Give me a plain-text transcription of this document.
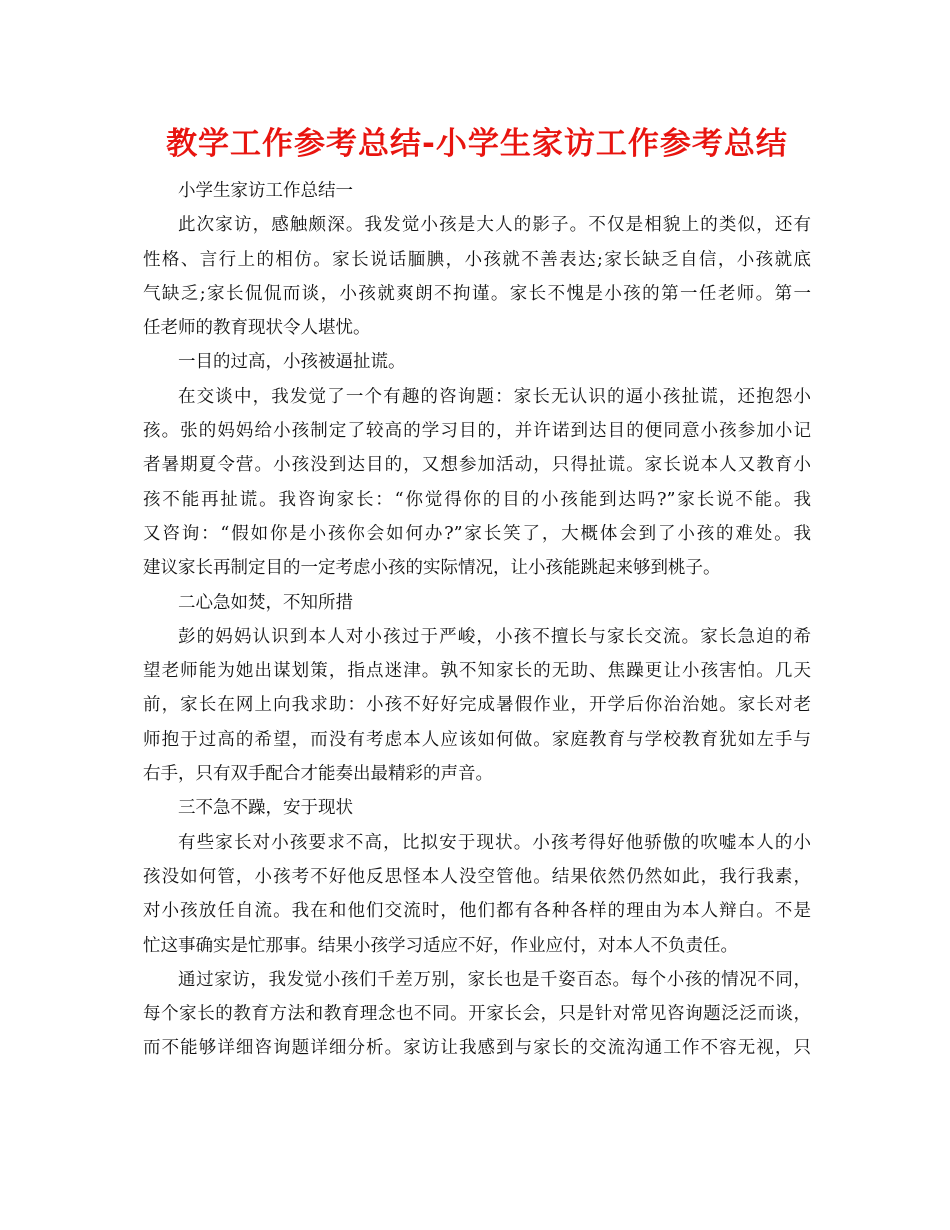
教学工作参考总结-小学生家访工作参考总结
小学生家访工作总结一
此次家访，感触颇深。我发觉小孩是大人的影子。不仅是相貌上的类似，还有
性格、言行上的相仿。家长说话腼腆，小孩就不善表达;家长缺乏自信，小孩就底
气缺乏;家长侃侃而谈，小孩就爽朗不拘谨。家长不愧是小孩的第一任老师。第一
任老师的教育现状令人堪忧。
一目的过高，小孩被逼扯谎。
在交谈中，我发觉了一个有趣的咨询题：家长无认识的逼小孩扯谎，还抱怨小
孩。张的妈妈给小孩制定了较高的学习目的，并许诺到达目的便同意小孩参加小记
者暑期夏令营。小孩没到达目的，又想参加活动，只得扯谎。家长说本人又教育小
孩不能再扯谎。我咨询家长：“你觉得你的目的小孩能到达吗?”家长说不能。我
又咨询：“假如你是小孩你会如何办?”家长笑了，大概体会到了小孩的难处。我
建议家长再制定目的一定考虑小孩的实际情况，让小孩能跳起来够到桃子。
二心急如焚，不知所措
彭的妈妈认识到本人对小孩过于严峻，小孩不擅长与家长交流。家长急迫的希
望老师能为她出谋划策，指点迷津。孰不知家长的无助、焦躁更让小孩害怕。几天
前，家长在网上向我求助：小孩不好好完成暑假作业，开学后你治治她。家长对老
师抱于过高的希望，而没有考虑本人应该如何做。家庭教育与学校教育犹如左手与
右手，只有双手配合才能奏出最精彩的声音。
三不急不躁，安于现状
有些家长对小孩要求不高，比拟安于现状。小孩考得好他骄傲的吹嘘本人的小
孩没如何管，小孩考不好他反思怪本人没空管他。结果依然仍然如此，我行我素，
对小孩放任自流。我在和他们交流时，他们都有各种各样的理由为本人辩白。不是
忙这事确实是忙那事。结果小孩学习适应不好，作业应付，对本人不负责任。
通过家访，我发觉小孩们千差万别，家长也是千姿百态。每个小孩的情况不同，
每个家长的教育方法和教育理念也不同。开家长会，只是针对常见咨询题泛泛而谈，
而不能够详细咨询题详细分析。家访让我感到与家长的交流沟通工作不容无视，只
